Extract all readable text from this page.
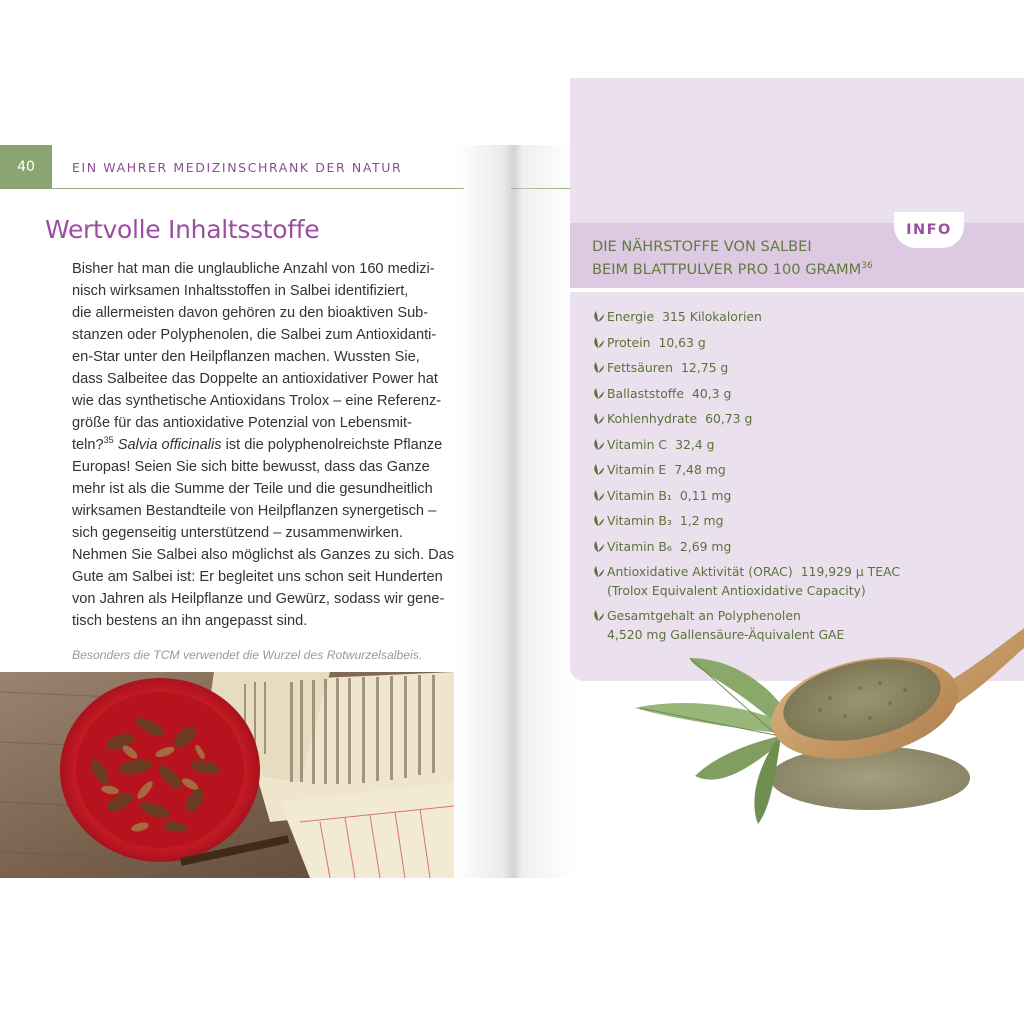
40	EIN WAHRER MEDIZINSCHRANK DER NATUR
Wertvolle Inhaltsstoffe
Bisher hat man die unglaubliche Anzahl von 160 medizi-
nisch wirksamen Inhaltsstoffen in Salbei identifiziert,
die allermeisten davon gehören zu den bioaktiven Sub-
stanzen oder Polyphenolen, die Salbei zum Antioxidanti-
en-Star unter den Heilpflanzen machen. Wussten Sie,
dass Salbeitee das Doppelte an antioxidativer Power hat
wie das synthetische Antioxidans Trolox – eine Referenz-
größe für das antioxidative Potenzial von Lebensmit-
teln?$^{35}$ Salvia officinalis ist die polyphenolreichste Pflanze
Europas! Seien Sie sich bitte bewusst, dass das Ganze
mehr ist als die Summe der Teile und die gesundheitlich
wirksamen Bestandteile von Heilpflanzen synergetisch –
sich gegenseitig unterstützend – zusammenwirken.
Nehmen Sie Salbei also möglichst als Ganzes zu sich. Das
Gute am Salbei ist: Er begleitet uns schon seit Hunderten
von Jahren als Heilpflanze und Gewürz, sodass wir gene-
tisch bestens an ihn angepasst sind.
Besonders die TCM verwendet die Wurzel des Rotwurzelsalbeis.
INFO
DIE NÄHRSTOFFE VON SALBEI
BEIM BLATTPULVER PRO 100 GRAMM$^{36}$
Energie 315 Kilokalorien
Protein 10,63 g
Fettsäuren 12,75 g
Ballaststoffe 40,3 g
Kohlenhydrate 60,73 g
Vitamin C 32,4 g
Vitamin E 7,48 mg
Vitamin B₁ 0,11 mg
Vitamin B₃ 1,2 mg
Vitamin B₆ 2,69 mg
Antioxidative Aktivität (ORAC) 119,929 µ TEAC
(Trolox Equivalent Antioxidative Capacity)
Gesamtgehalt an Polyphenolen
4,520 mg Gallensäure-Äquivalent GAE
